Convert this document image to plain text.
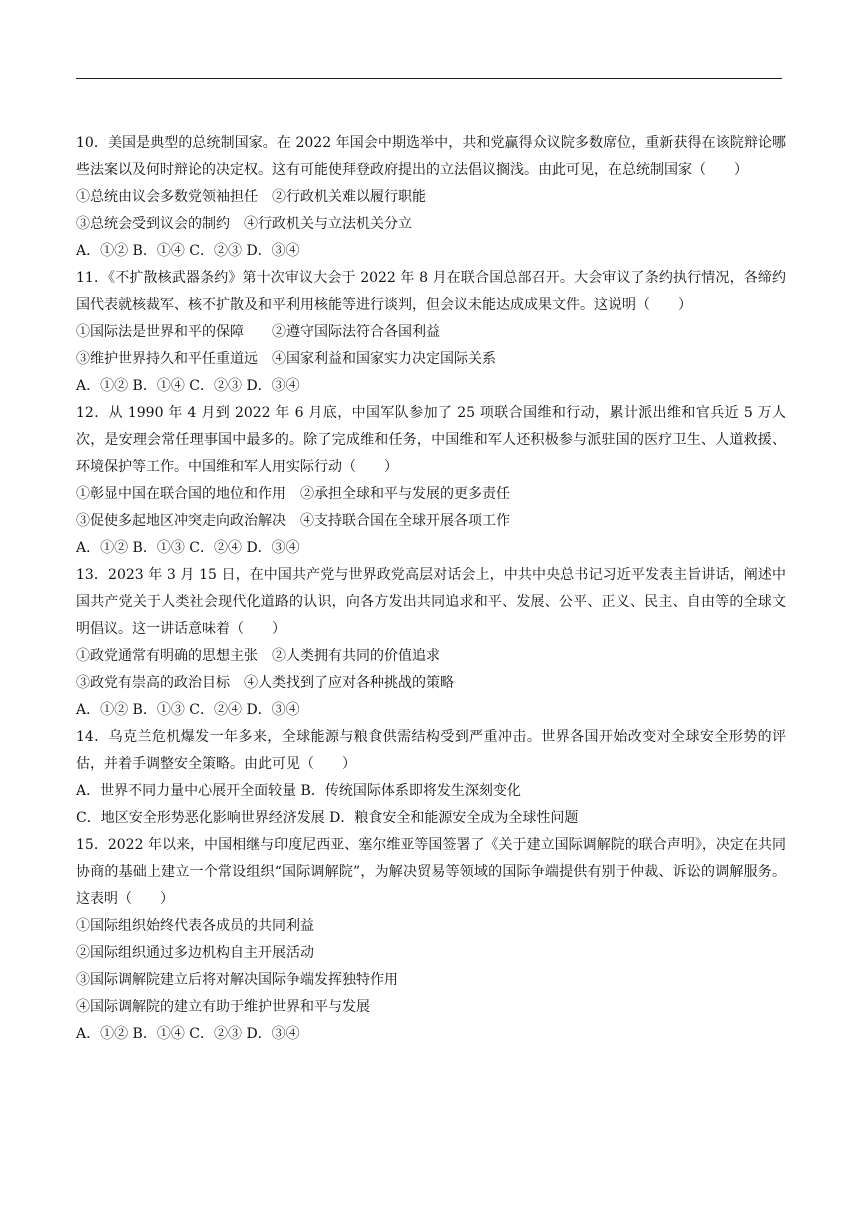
10．美国是典型的总统制国家。在 2022 年国会中期选举中，共和党赢得众议院多数席位，重新获得在该院辩论哪些法案以及何时辩论的决定权。这有可能使拜登政府提出的立法倡议搁浅。由此可见，在总统制国家（　　）

①总统由议会多数党领袖担任　②行政机关难以履行职能

③总统会受到议会的制约　④行政机关与立法机关分立

A．①② B．①④ C．②③ D．③④

11．《不扩散核武器条约》第十次审议大会于 2022 年 8 月在联合国总部召开。大会审议了条约执行情况，各缔约国代表就核裁军、核不扩散及和平利用核能等进行谈判，但会议未能达成成果文件。这说明（　　）

①国际法是世界和平的保障　　②遵守国际法符合各国利益

③维护世界持久和平任重道远　④国家利益和国家实力决定国际关系

A．①② B．①④ C．②③ D．③④

12．从 1990 年 4 月到 2022 年 6 月底，中国军队参加了 25 项联合国维和行动，累计派出维和官兵近 5 万人次，是安理会常任理事国中最多的。除了完成维和任务，中国维和军人还积极参与派驻国的医疗卫生、人道救援、环境保护等工作。中国维和军人用实际行动（　　）

①彰显中国在联合国的地位和作用　②承担全球和平与发展的更多责任

③促使多起地区冲突走向政治解决　④支持联合国在全球开展各项工作

A．①② B．①③ C．②④ D．③④

13．2023 年 3 月 15 日，在中国共产党与世界政党高层对话会上，中共中央总书记习近平发表主旨讲话，阐述中国共产党关于人类社会现代化道路的认识，向各方发出共同追求和平、发展、公平、正义、民主、自由等的全球文明倡议。这一讲话意味着（　　）

①政党通常有明确的思想主张　②人类拥有共同的价值追求

③政党有崇高的政治目标　④人类找到了应对各种挑战的策略

A．①② B．①③ C．②④ D．③④

14．乌克兰危机爆发一年多来，全球能源与粮食供需结构受到严重冲击。世界各国开始改变对全球安全形势的评估，并着手调整安全策略。由此可见（　　）

A．世界不同力量中心展开全面较量 B．传统国际体系即将发生深刻变化

C．地区安全形势恶化影响世界经济发展 D．粮食安全和能源安全成为全球性问题

15．2022 年以来，中国相继与印度尼西亚、塞尔维亚等国签署了《关于建立国际调解院的联合声明》，决定在共同协商的基础上建立一个常设组织“国际调解院”，为解决贸易等领域的国际争端提供有别于仲裁、诉讼的调解服务。这表明（　　）

①国际组织始终代表各成员的共同利益

②国际组织通过多边机构自主开展活动

③国际调解院建立后将对解决国际争端发挥独特作用

④国际调解院的建立有助于维护世界和平与发展

A．①② B．①④ C．②③ D．③④
